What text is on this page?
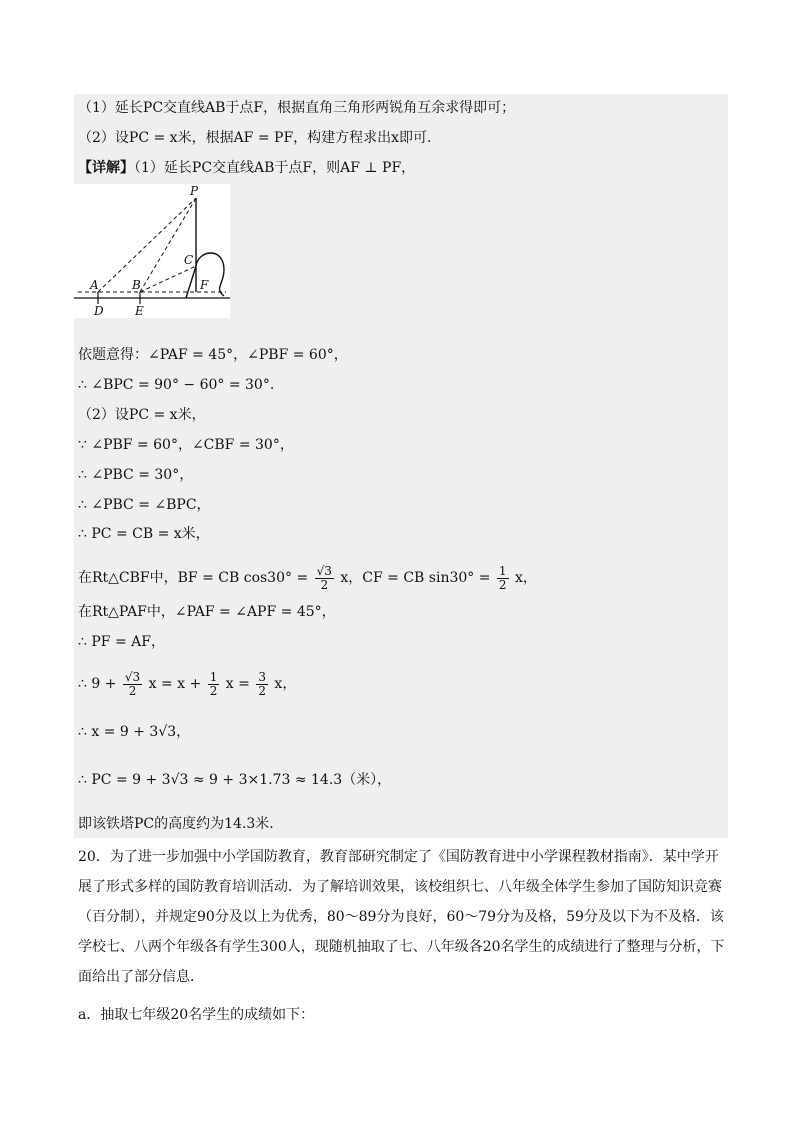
（1）延长PC交直线AB于点F，根据直角三角形两锐角互余求得即可；
（2）设PC = x米，根据AF = PF，构建方程求出x即可.
【详解】（1）延长PC交直线AB于点F，则AF ⊥ PF，
P
C
A	B	F
D	E
依题意得：∠PAF = 45°，∠PBF = 60°，
∴ ∠BPC = 90° − 60° = 30°.
（2）设PC = x米，
∵ ∠PBF = 60°，∠CBF = 30°，
∴ ∠PBC = 30°，
∴ ∠PBC = ∠BPC，
∴ PC = CB = x米，
在Rt△CBF中，BF = CB $\cos 30^\circ = \frac{√3}{2}$ x，CF = CB $\sin 30^\circ = \frac{1}{2}$ x，
在Rt△PAF中，∠PAF = ∠APF = 45°，
∴ PF = AF，
∴ $9 + \frac{√3}{2}$ $x = x + \frac{1}{2}$ $x = \frac{3}{2}$ x，
∴ x = 9 + 3√3，
∴ PC = 9 + 3√3 ≈ 9 + 3×1.73 ≈ 14.3（米），
即该铁塔PC的高度约为14.3米.
20．为了进一步加强中小学国防教育，教育部研究制定了《国防教育进中小学课程教材指南》．某中学开展了形式多样的国防教育培训活动．为了解培训效果，该校组织七、八年级全体学生参加了国防知识竞赛（百分制），并规定90分及以上为优秀，80～89分为良好，60～79分为及格，59分及以下为不及格．该学校七、八两个年级各有学生300人，现随机抽取了七、八年级各20名学生的成绩进行了整理与分析，下面给出了部分信息．
a．抽取七年级20名学生的成绩如下：
